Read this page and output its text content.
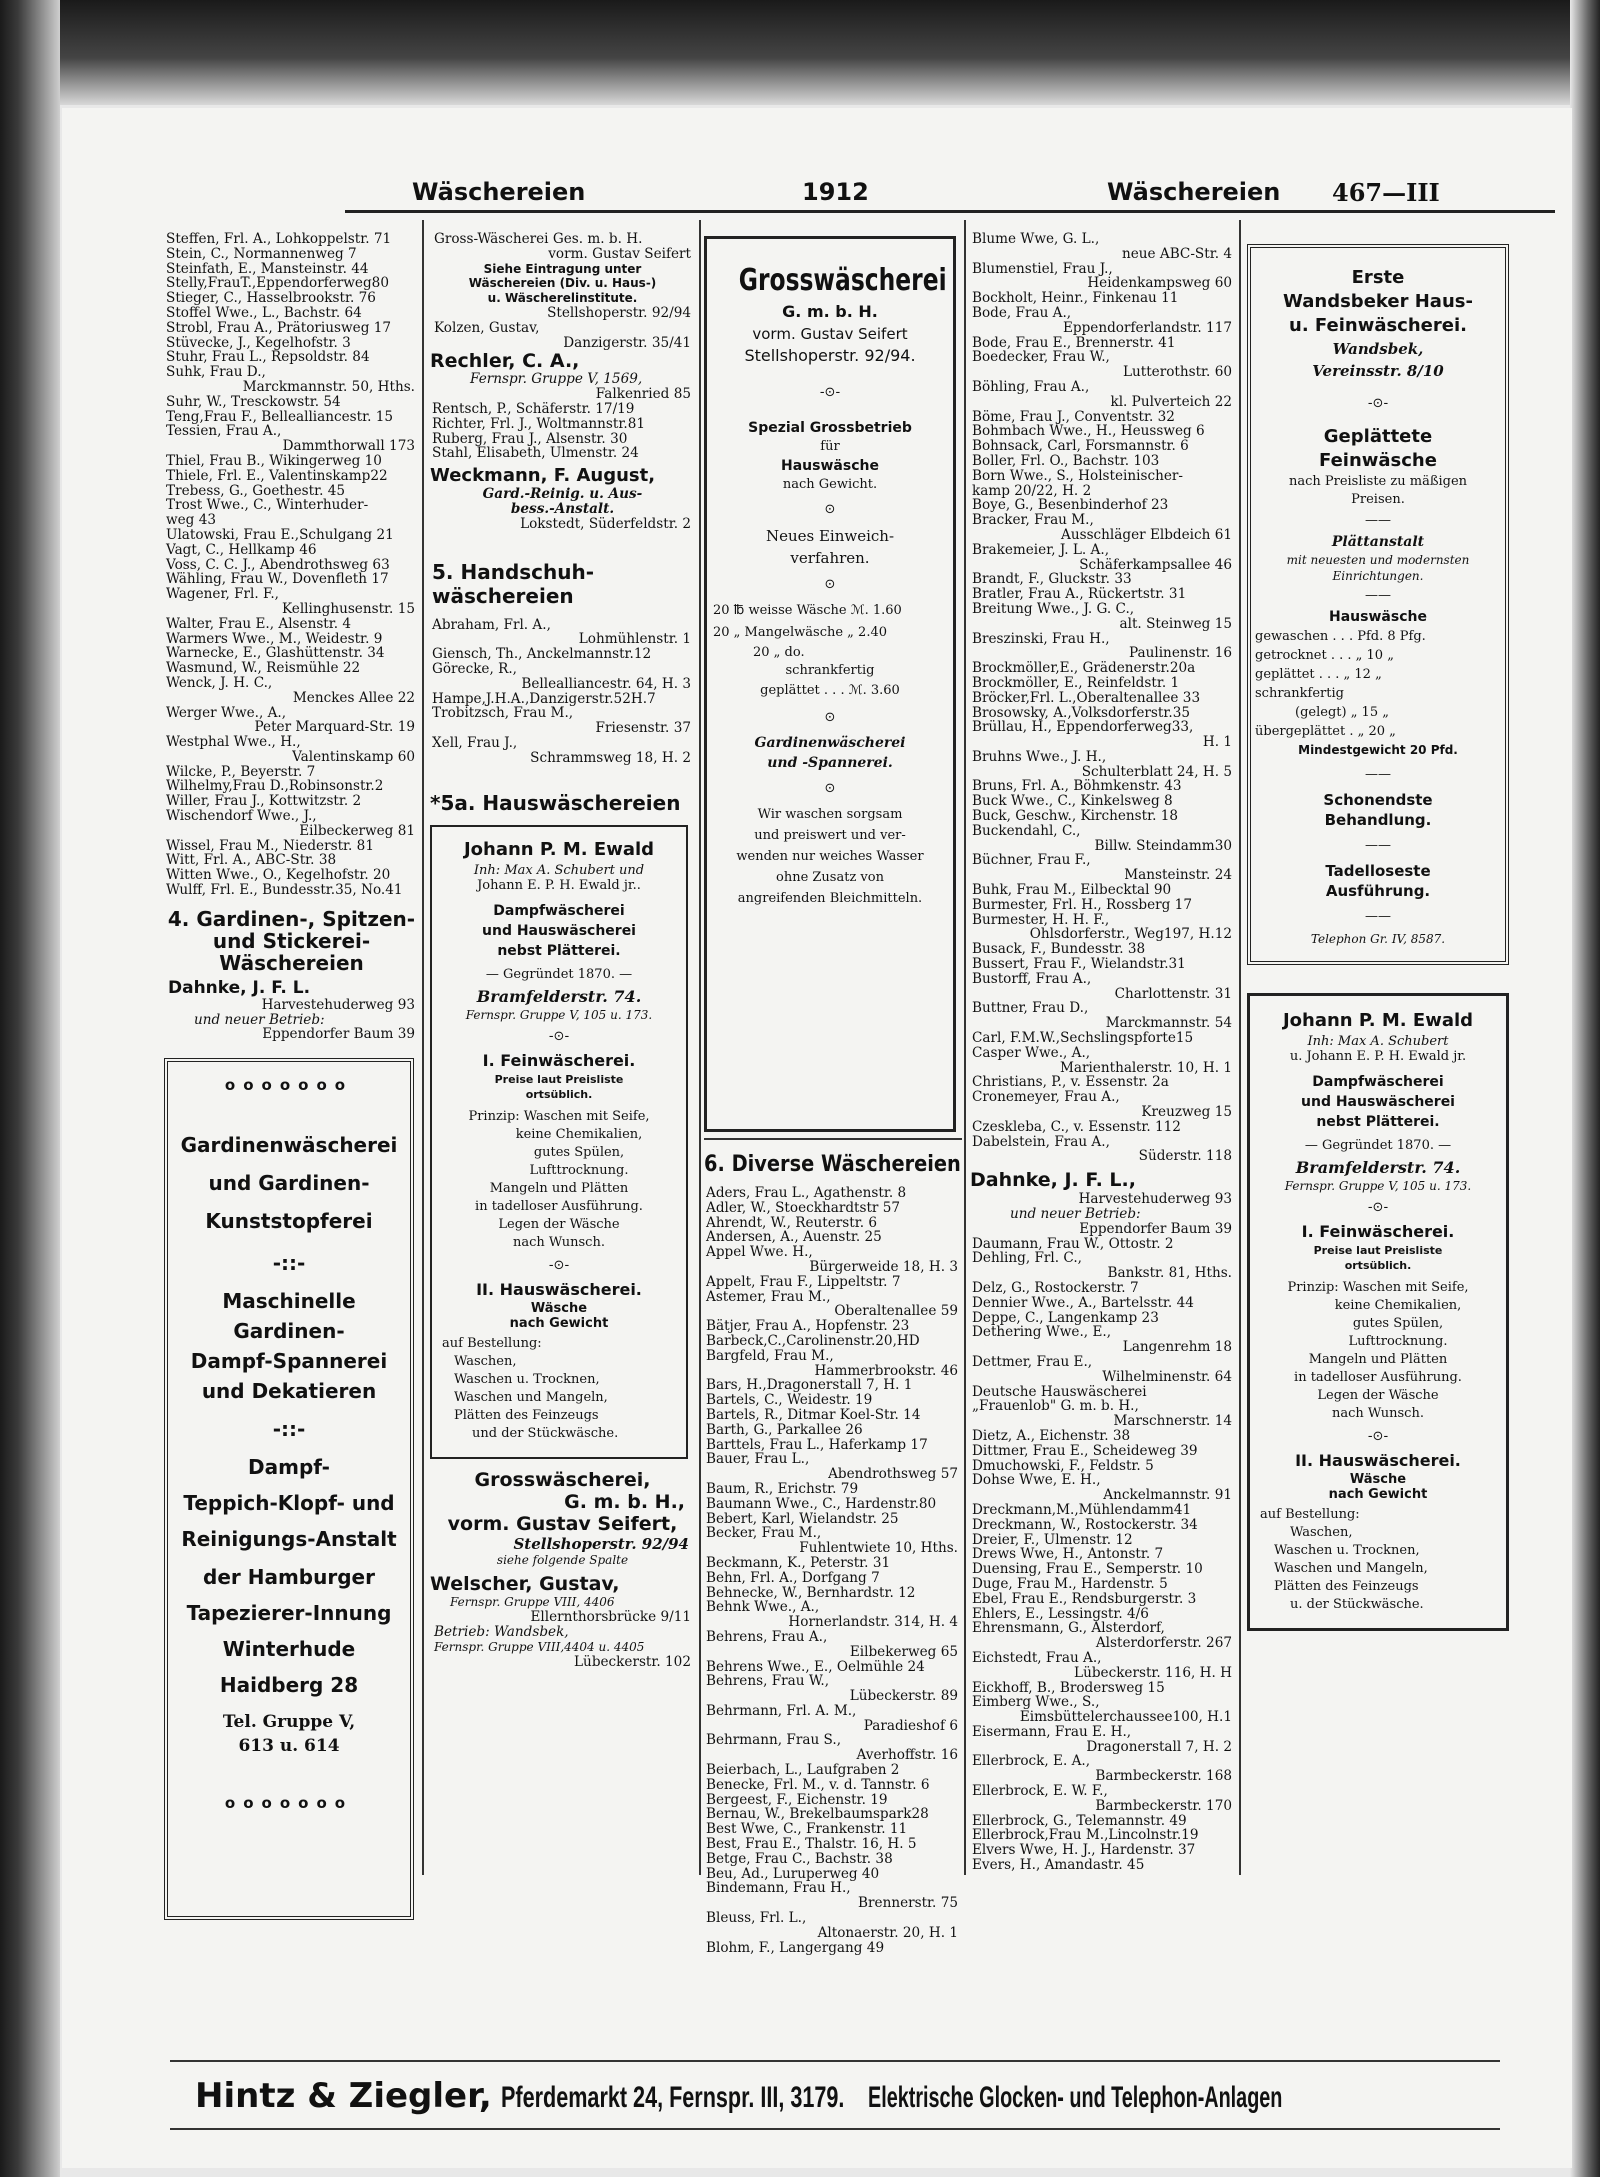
Wäschereien	1912	Wäschereien 467—III
Steffen, Frl. A., Lohkoppelstr. 71
Stein, C., Normannenweg 7
Steinfath, E., Mansteinstr. 44
Stelly,FrauT.,Eppendorferweg80
Stieger, C., Hasselbrookstr. 76
Stoffel Wwe., L., Bachstr. 64
Strobl, Frau A., Prätoriusweg 17
Stüvecke, J., Kegelhofstr. 3
Stuhr, Frau L., Repsoldstr. 84
Suhk, Frau D.,
Marckmannstr. 50, Hths.
Suhr, W., Tresckowstr. 54
Teng,Frau F., Bellealliancestr. 15
Tessien, Frau A.,
Dammthorwall 173
Thiel, Frau B., Wikingerweg 10
Thiele, Frl. E., Valentinskamp22
Trebess, G., Goethestr. 45
Trost Wwe., C., Winterhuder-
weg 43
Ulatowski, Frau E.,Schulgang 21
Vagt, C., Hellkamp 46
Voss, C. C. J., Abendrothsweg 63
Wähling, Frau W., Dovenfleth 17
Wagener, Frl. F.,
Kellinghusenstr. 15
Walter, Frau E., Alsenstr. 4
Warmers Wwe., M., Weidestr. 9
Warnecke, E., Glashüttenstr. 34
Wasmund, W., Reismühle 22
Wenck, J. H. C.,
Menckes Allee 22
Werger Wwe., A.,
Peter Marquard-Str. 19
Westphal Wwe., H.,
Valentinskamp 60
Wilcke, P., Beyerstr. 7
Wilhelmy,Frau D.,Robinsonstr.2
Willer, Frau J., Kottwitzstr. 2
Wischendorf Wwe., J.,
Eilbeckerweg 81
Wissel, Frau M., Niederstr. 81
Witt, Frl. A., ABC-Str. 38
Witten Wwe., O., Kegelhofstr. 20
Wulff, Frl. E., Bundesstr.35, No.41
4. Gardinen-, Spitzen- und Stickerei-Wäschereien
Dahnke, J. F. L.
Harvestehuderweg 93
und neuer Betrieb:
Eppendorfer Baum 39
ooooooo
Gardinenwäscherei
und Gardinen-
Kunststopferei
-::-
Maschinelle
Gardinen-
Dampf-Spannerei
und Dekatieren
-::-
Dampf-
Teppich-Klopf- und
Reinigungs-Anstalt
der Hamburger
Tapezierer-Innung
Winterhude
Haidberg 28
Tel. Gruppe V,
613 u. 614
ooooooo
Gross-Wäscherei Ges. m. b. H.
vorm. Gustav Seifert
Siehe Eintragung unter
Wäschereien (Div. u. Haus-)
u. Wäscherelinstitute.
Stellshoperstr. 92/94
Kolzen, Gustav,
Danzigerstr. 35/41
Rechler, C. A.,
Fernspr. Gruppe V, 1569,
Falkenried 85
Rentsch, P., Schäferstr. 17/19
Richter, Frl. J., Woltmannstr.81
Ruberg, Frau J., Alsenstr. 30
Stahl, Elisabeth, Ulmenstr. 24
Weckmann, F. August,
Gard.-Reinig. u. Aus-
bess.-Anstalt.
Lokstedt, Süderfeldstr. 2
5. Handschuh-wäschereien
Abraham, Frl. A.,
Lohmühlenstr. 1
Giensch, Th., Anckelmannstr.12
Görecke, R.,
Bellealliancestr. 64, H. 3
Hampe,J.H.A.,Danzigerstr.52H.7
Trobitzsch, Frau M.,
Friesenstr. 37
Xell, Frau J.,
Schrammsweg 18, H. 2
*5a. Hauswäschereien
Johann P. M. Ewald
Inh: Max A. Schubert und
Johann E. P. H. Ewald jr..
Dampfwäscherei
und Hauswäscherei
nebst Plätterei.
— Gegründet 1870. —
Bramfelderstr. 74.
Fernspr. Gruppe V, 105 u. 173.
-⊙-
I. Feinwäscherei.
Preise laut Preisliste
ortsüblich.
Prinzip: Waschen mit Seife,
keine Chemikalien,
gutes Spülen,
Lufttrocknung.
Mangeln und Plätten
in tadelloser Ausführung.
Legen der Wäsche
nach Wunsch.
-⊙-
II. Hauswäscherei.
Wäsche
nach Gewicht
auf Bestellung:
Waschen,
Waschen u. Trocknen,
Waschen und Mangeln,
Plätten des Feinzeugs
und der Stückwäsche.
Grosswäscherei,
G. m. b. H.,
vorm. Gustav Seifert,
Stellshoperstr. 92/94
siehe folgende Spalte
Welscher, Gustav,
Fernspr. Gruppe VIII, 4406
Ellernthorsbrücke 9/11
Betrieb: Wandsbek,
Fernspr. Gruppe VIII,4404 u. 4405
Lübeckerstr. 102
Grosswäscherei
G. m. b. H.
vorm. Gustav Seifert
Stellshoperstr. 92/94.
-⊙-
Spezial Grossbetrieb
für
Hauswäsche
nach Gewicht.
⊙
Neues Einweich-
verfahren.
⊙
20 ℔ weisse Wäsche ℳ. 1.60
20 „ Mangelwäsche „ 2.40
20 „ do.
schrankfertig
geplättet . . . ℳ. 3.60
⊙
Gardinenwäscherei
und -Spannerei.
⊙
Wir waschen sorgsam
und preiswert und ver-
wenden nur weiches Wasser
ohne Zusatz von
angreifenden Bleichmitteln.
6. Diverse Wäschereien
Aders, Frau L., Agathenstr. 8
Adler, W., Stoeckhardtstr 57
Ahrendt, W., Reuterstr. 6
Andersen, A., Auenstr. 25
Appel Wwe. H.,
Bürgerweide 18, H. 3
Appelt, Frau F., Lippeltstr. 7
Astemer, Frau M.,
Oberaltenallee 59
Bätjer, Frau A., Hopfenstr. 23
Barbeck,C.,Carolinenstr.20,HD
Bargfeld, Frau M.,
Hammerbrookstr. 46
Bars, H.,Dragonerstall 7, H. 1
Bartels, C., Weidestr. 19
Bartels, R., Ditmar Koel-Str. 14
Barth, G., Parkallee 26
Barttels, Frau L., Haferkamp 17
Bauer, Frau L.,
Abendrothsweg 57
Baum, R., Erichstr. 79
Baumann Wwe., C., Hardenstr.80
Bebert, Karl, Wielandstr. 25
Becker, Frau M.,
Fuhlentwiete 10, Hths.
Beckmann, K., Peterstr. 31
Behn, Frl. A., Dorfgang 7
Behnecke, W., Bernhardstr. 12
Behnk Wwe., A.,
Hornerlandstr. 314, H. 4
Behrens, Frau A.,
Eilbekerweg 65
Behrens Wwe., E., Oelmühle 24
Behrens, Frau W.,
Lübeckerstr. 89
Behrmann, Frl. A. M.,
Paradieshof 6
Behrmann, Frau S.,
Averhoffstr. 16
Beierbach, L., Laufgraben 2
Benecke, Frl. M., v. d. Tannstr. 6
Bergeest, F., Eichenstr. 19
Bernau, W., Brekelbaumspark28
Best Wwe, C., Frankenstr. 11
Best, Frau E., Thalstr. 16, H. 5
Betge, Frau C., Bachstr. 38
Beu, Ad., Luruperweg 40
Bindemann, Frau H.,
Brennerstr. 75
Bleuss, Frl. L.,
Altonaerstr. 20, H. 1
Blohm, F., Langergang 49
Blume Wwe, G. L.,
neue ABC-Str. 4
Blumenstiel, Frau J.,
Heidenkampsweg 60
Bockholt, Heinr., Finkenau 11
Bode, Frau A.,
Eppendorferlandstr. 117
Bode, Frau E., Brennerstr. 41
Boedecker, Frau W.,
Lutterothstr. 60
Böhling, Frau A.,
kl. Pulverteich 22
Böme, Frau J., Conventstr. 32
Bohmbach Wwe., H., Heussweg 6
Bohnsack, Carl, Forsmannstr. 6
Boller, Frl. O., Bachstr. 103
Born Wwe., S., Holsteinischer-
kamp 20/22, H. 2
Boye, G., Besenbinderhof 23
Bracker, Frau M.,
Ausschläger Elbdeich 61
Brakemeier, J. L. A.,
Schäferkampsallee 46
Brandt, F., Gluckstr. 33
Bratler, Frau A., Rückertstr. 31
Breitung Wwe., J. G. C.,
alt. Steinweg 15
Breszinski, Frau H.,
Paulinenstr. 16
Brockmöller,E., Grädenerstr.20a
Brockmöller, E., Reinfeldstr. 1
Bröcker,Frl. L.,Oberaltenallee 33
Brosowsky, A.,Volksdorferstr.35
Brüllau, H., Eppendorferweg33,
H. 1
Bruhns Wwe., J. H.,
Schulterblatt 24, H. 5
Bruns, Frl. A., Böhmkenstr. 43
Buck Wwe., C., Kinkelsweg 8
Buck, Geschw., Kirchenstr. 18
Buckendahl, C.,
Billw. Steindamm30
Büchner, Frau F.,
Mansteinstr. 24
Buhk, Frau M., Eilbecktal 90
Burmester, Frl. H., Rossberg 17
Burmester, H. H. F.,
Ohlsdorferstr., Weg197, H.12
Busack, F., Bundesstr. 38
Bussert, Frau F., Wielandstr.31
Bustorff, Frau A.,
Charlottenstr. 31
Buttner, Frau D.,
Marckmannstr. 54
Carl, F.M.W.,Sechslingspforte15
Casper Wwe., A.,
Marienthalerstr. 10, H. 1
Christians, P., v. Essenstr. 2a
Cronemeyer, Frau A.,
Kreuzweg 15
Czeskleba, C., v. Essenstr. 112
Dabelstein, Frau A.,
Süderstr. 118
Dahnke, J. F. L.,
Harvestehuderweg 93
und neuer Betrieb:
Eppendorfer Baum 39
Daumann, Frau W., Ottostr. 2
Dehling, Frl. C.,
Bankstr. 81, Hths.
Delz, G., Rostockerstr. 7
Dennier Wwe., A., Bartelsstr. 44
Deppe, C., Langenkamp 23
Dethering Wwe., E.,
Langenrehm 18
Dettmer, Frau E.,
Wilhelminenstr. 64
Deutsche Hauswäscherei
„Frauenlob" G. m. b. H.,
Marschnerstr. 14
Dietz, A., Eichenstr. 38
Dittmer, Frau E., Scheideweg 39
Dmuchowski, F., Feldstr. 5
Dohse Wwe, E. H.,
Anckelmannstr. 91
Dreckmann,M.,Mühlendamm41
Dreckmann, W., Rostockerstr. 34
Dreier, F., Ulmenstr. 12
Drews Wwe, H., Antonstr. 7
Duensing, Frau E., Semperstr. 10
Duge, Frau M., Hardenstr. 5
Ebel, Frau E., Rendsburgerstr. 3
Ehlers, E., Lessingstr. 4/6
Ehrensmann, G., Alsterdorf,
Alsterdorferstr. 267
Eichstedt, Frau A.,
Lübeckerstr. 116, H. H
Eickhoff, B., Brodersweg 15
Eimberg Wwe., S.,
Eimsbüttelerchaussee100, H.1
Eisermann, Frau E. H.,
Dragonerstall 7, H. 2
Ellerbrock, E. A.,
Barmbeckerstr. 168
Ellerbrock, E. W. F.,
Barmbeckerstr. 170
Ellerbrock, G., Telemannstr. 49
Ellerbrock,Frau M.,Lincolnstr.19
Elvers Wwe, H. J., Hardenstr. 37
Evers, H., Amandastr. 45
Erste
Wandsbeker Haus-
u. Feinwäscherei.
Wandsbek,
Vereinsstr. 8/10
-⊙-
Geplättete
Feinwäsche
nach Preisliste zu mäßigen
Preisen.
——
Plättanstalt
mit neuesten und modernsten
Einrichtungen.
——
Hauswäsche
gewaschen . . . Pfd. 8 Pfg.
getrocknet . . . „ 10 „
geplättet . . . „ 12 „
schrankfertig
(gelegt) „ 15 „
übergeplättet . „ 20 „
Mindestgewicht 20 Pfd.
——
Schonendste
Behandlung.
——
Tadelloseste
Ausführung.
——
Telephon Gr. IV, 8587.
Johann P. M. Ewald
Inh: Max A. Schubert
u. Johann E. P. H. Ewald jr.
Dampfwäscherei
und Hauswäscherei
nebst Plätterei.
— Gegründet 1870. —
Bramfelderstr. 74.
Fernspr. Gruppe V, 105 u. 173.
-⊙-
I. Feinwäscherei.
Preise laut Preisliste
ortsüblich.
Prinzip: Waschen mit Seife,
keine Chemikalien,
gutes Spülen,
Lufttrocknung.
Mangeln und Plätten
in tadelloser Ausführung.
Legen der Wäsche
nach Wunsch.
-⊙-
II. Hauswäscherei.
Wäsche
nach Gewicht
auf Bestellung:
Waschen,
Waschen u. Trocknen,
Waschen und Mangeln,
Plätten des Feinzeugs
u. der Stückwäsche.
Hintz & Ziegler, Pferdemarkt 24, Fernspr. III, 3179. Elektrische Glocken- und Telephon-Anlagen
